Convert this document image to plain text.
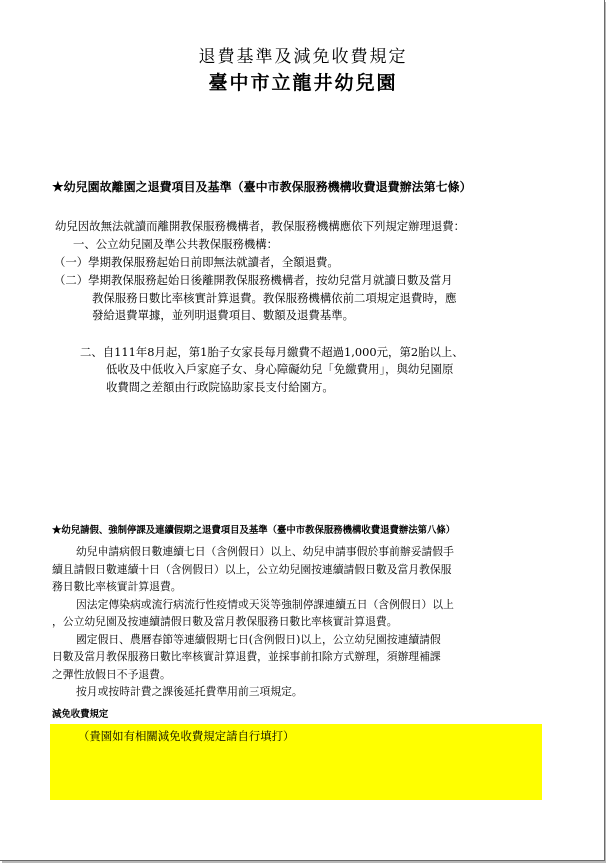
退費基準及減免收費規定
臺中市立龍井幼兒園
★幼兒園故離園之退費項目及基準（臺中市教保服務機構收費退費辦法第七條）
幼兒因故無法就讀而離開教保服務機構者，教保服務機構應依下列規定辦理退費：
一、公立幼兒園及準公共教保服務機構：
（一）學期教保服務起始日前即無法就讀者，全額退費。
（二）學期教保服務起始日後離開教保服務機構者，按幼兒當月就讀日數及當月
教保服務日數比率核實計算退費。教保服務機構依前二項規定退費時，應
發給退費單據，並列明退費項目、數額及退費基準。
二、自111年8月起，第1胎子女家長每月繳費不超過1,000元，第2胎以上、
低收及中低收入戶家庭子女、身心障礙幼兒「免繳費用」，與幼兒園原
收費間之差額由行政院協助家長支付給園方。
★幼兒請假、強制停課及連續假期之退費項目及基準（臺中市教保服務機構收費退費辦法第八條）
幼兒申請病假日數連續七日（含例假日）以上、幼兒申請事假於事前辦妥請假手
續且請假日數連續十日（含例假日）以上，公立幼兒園按連續請假日數及當月教保服
務日數比率核實計算退費。
因法定傳染病或流行病流行性疫情或天災等強制停課連續五日（含例假日）以上
，公立幼兒園及按連續請假日數及當月教保服務日數比率核實計算退費。
國定假日、農曆春節等連續假期七日(含例假日)以上，公立幼兒園按連續請假
日數及當月教保服務日數比率核實計算退費，並採事前扣除方式辦理，須辦理補課
之彈性放假日不予退費。
按月或按時計費之課後延托費準用前三項規定。
減免收費規定
（貴園如有相關減免收費規定請自行填打）
